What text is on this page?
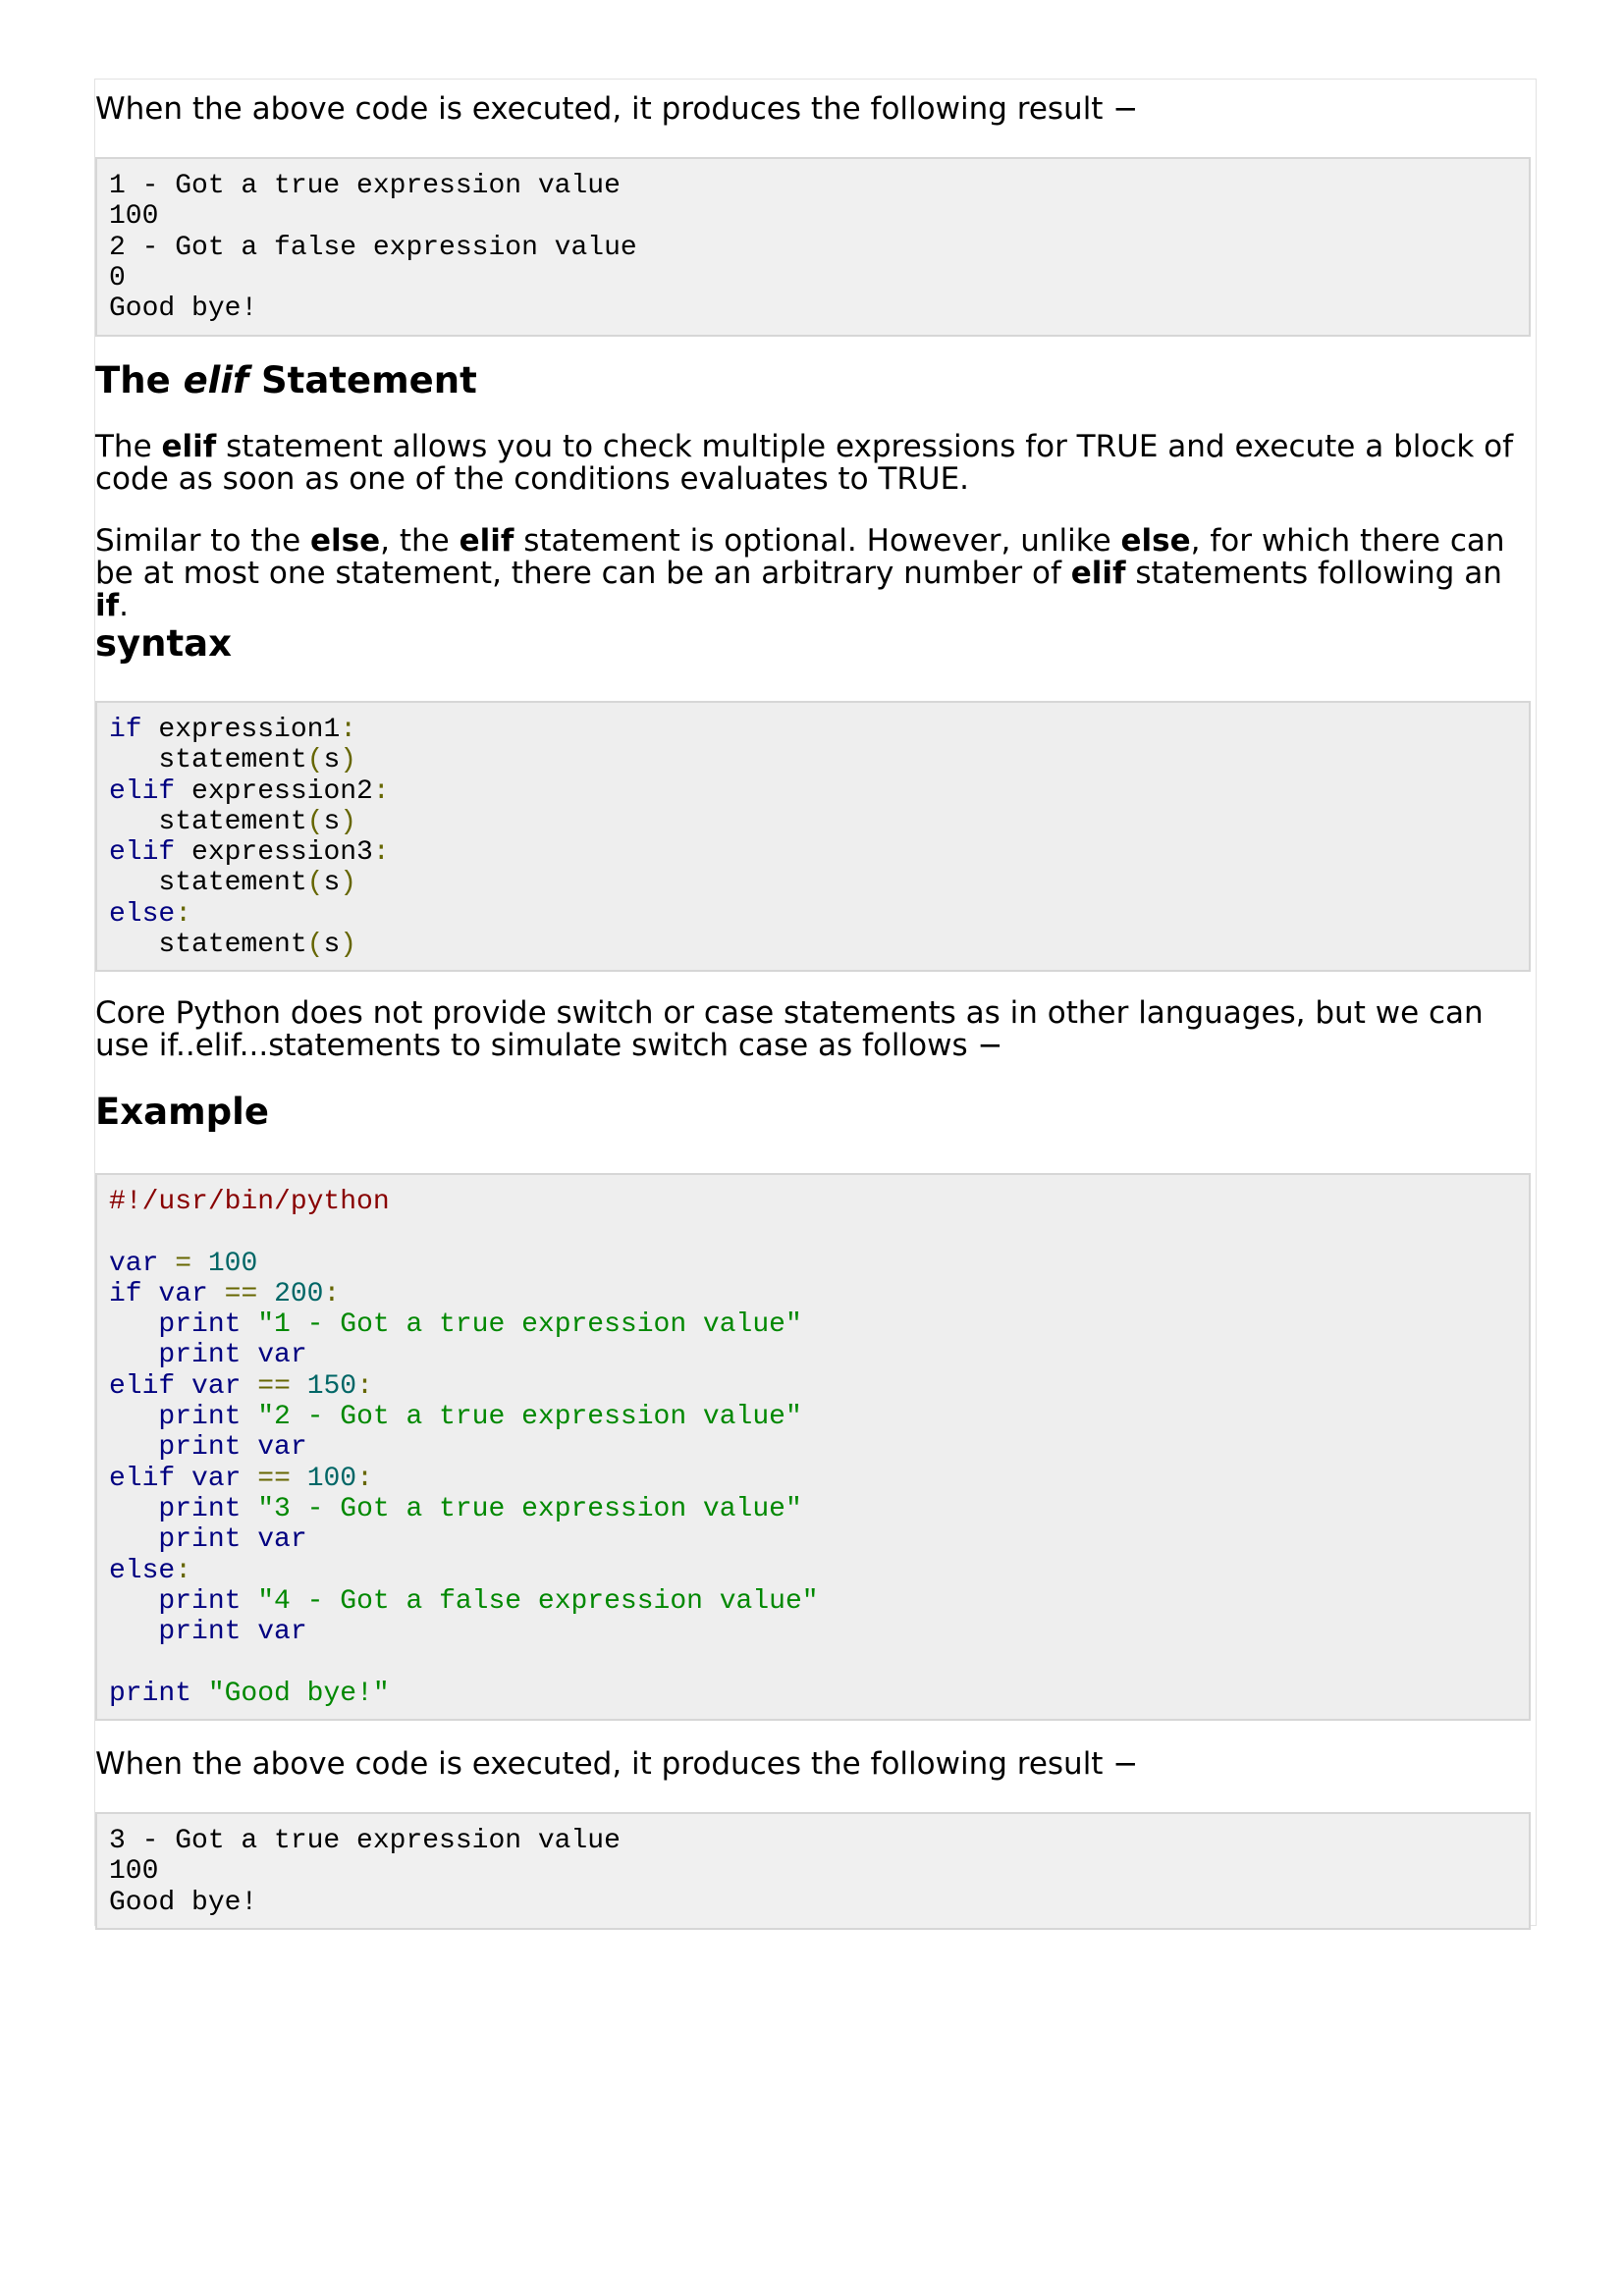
When the above code is executed, it produces the following result −

1 - Got a true expression value
100
2 - Got a false expression value
0
Good bye!
The elif Statement

The elif statement allows you to check multiple expressions for TRUE and execute a block of code as soon as one of the conditions evaluates to TRUE.

Similar to the else, the elif statement is optional. However, unlike else, for which there can be at most one statement, there can be an arbitrary number of elif statements following an if.

syntax
if expression1:
statement(s)
elif expression2:
statement(s)
elif expression3:
statement(s)
else:
statement(s)

Core Python does not provide switch or case statements as in other languages, but we can use if..elif...statements to simulate switch case as follows −

Example
#!/usr/bin/python
var = 100
if var == 200:
print "1 - Got a true expression value"
print var
elif var == 150:
print "2 - Got a true expression value"
print var
elif var == 100:
print "3 - Got a true expression value"
print var
else:
print "4 - Got a false expression value"
print var
print "Good bye!"

When the above code is executed, it produces the following result −

3 - Got a true expression value
100
Good bye!
